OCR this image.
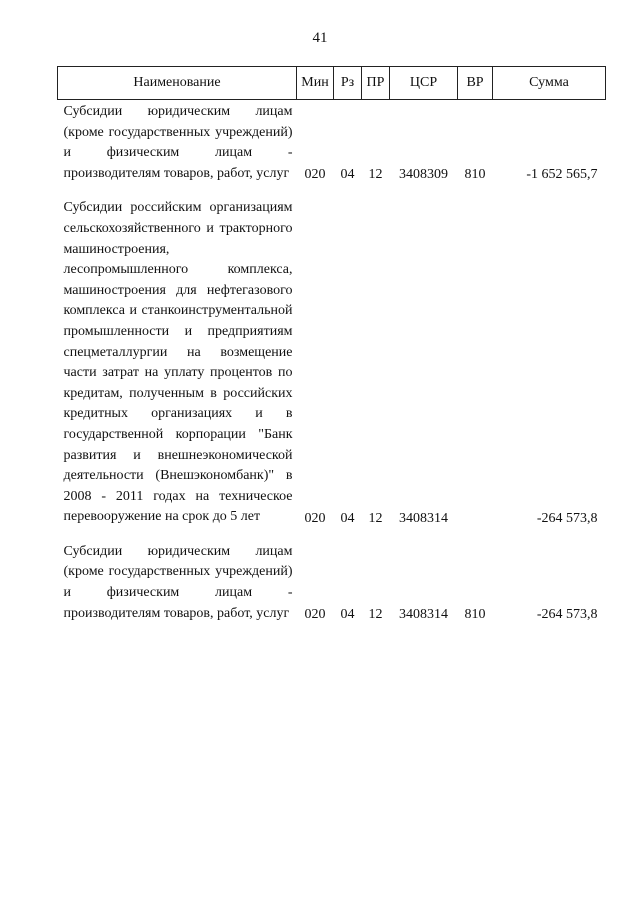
41
Наименование	Мин	Рз	ПР	ЦСР	ВР	Сумма
Субсидии юридическим лицам (кроме государственных учреждений) и физическим лицам - производителям товаров, работ, услуг	020	04	12	3408309	810	-1 652 565,7

Субсидии российским организациям сельскохозяйственного и тракторного машиностроения, лесопромышленного комплекса, машиностроения для нефтегазового комплекса и станкоинструментальной промышленности и предприятиям спецметаллургии на возмещение части затрат на уплату процентов по кредитам, полученным в российских кредитных организациях и в государственной корпорации "Банк развития и внешнеэкономической деятельности (Внешэкономбанк)" в 2008 - 2011 годах на техническое перевооружение на срок до 5 лет	020	04	12	3408314		-264 573,8

Субсидии юридическим лицам (кроме государственных учреждений) и физическим лицам - производителям товаров, работ, услуг	020	04	12	3408314	810	-264 573,8
